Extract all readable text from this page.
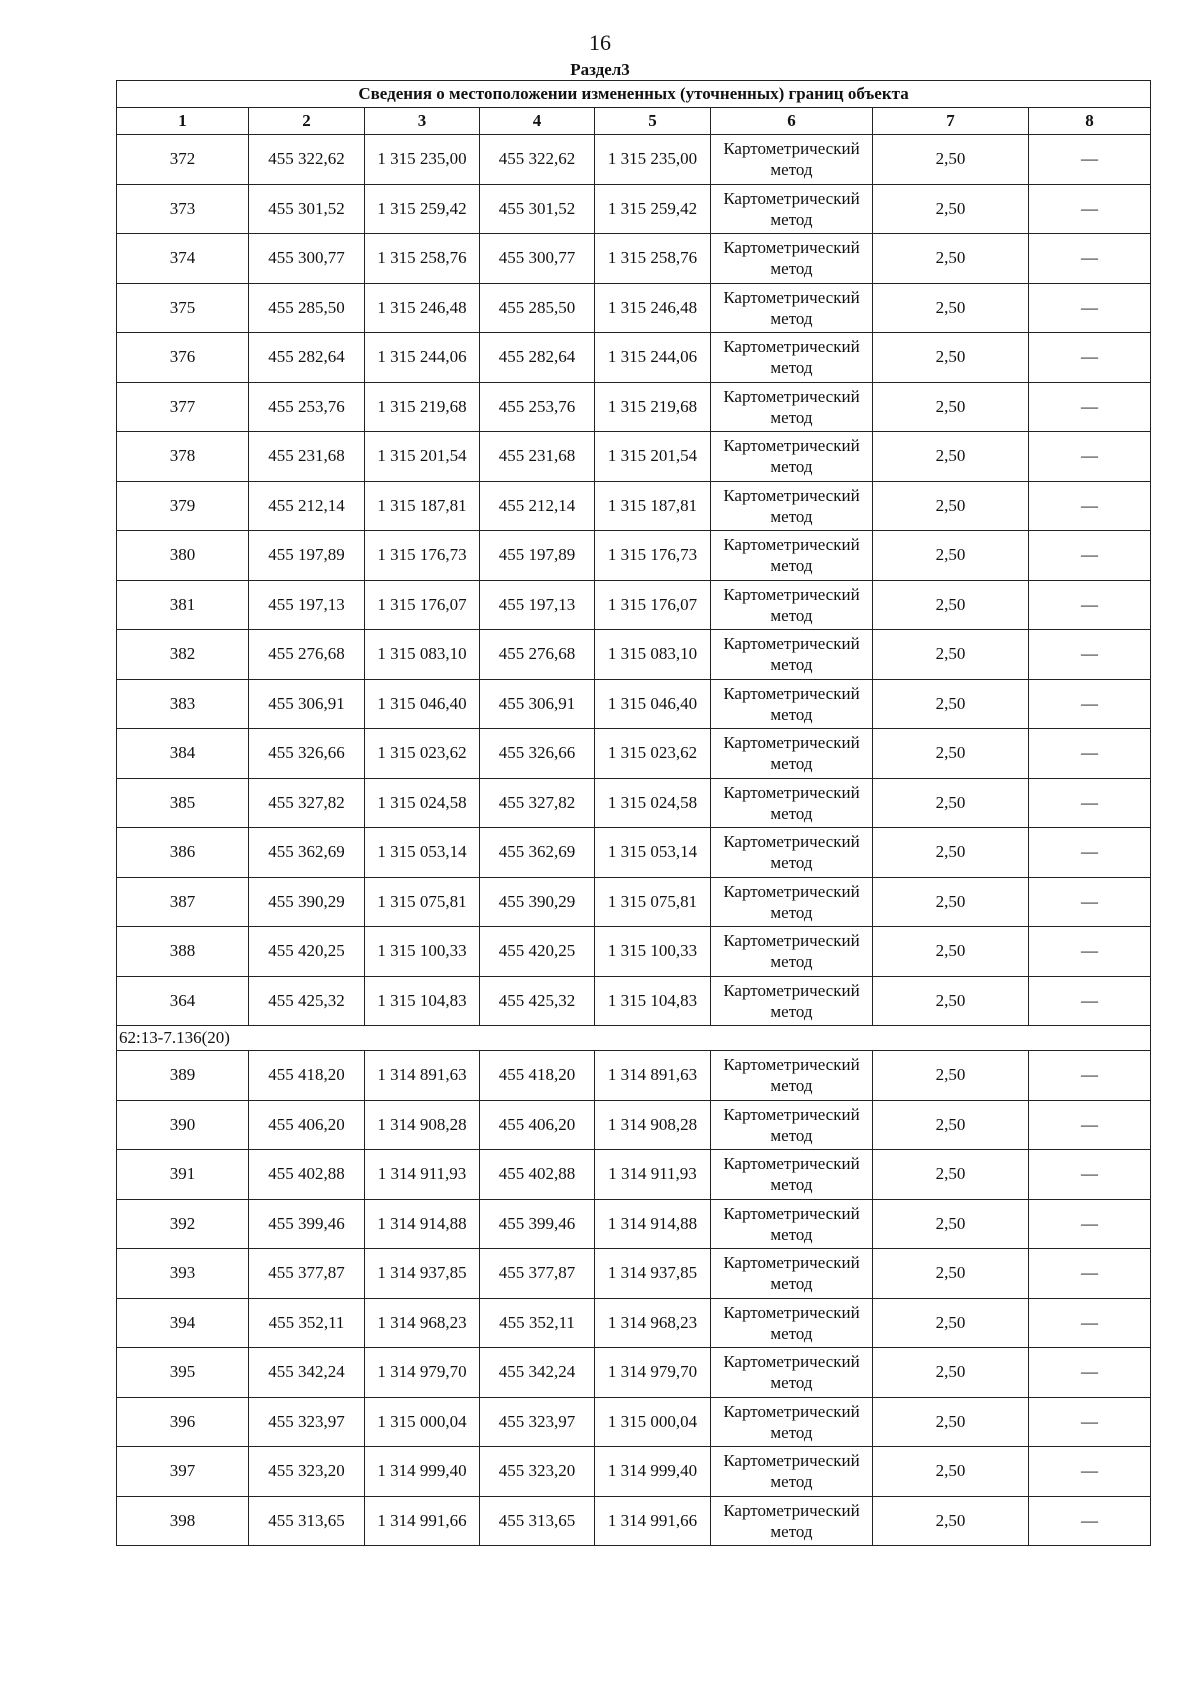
16
Раздел3
Сведения о местоположении измененных (уточненных) границ объекта							
1	2	3	4	5	6	7	8
372	455 322,62	1 315 235,00	455 322,62	1 315 235,00	Картометрический метод	2,50	—
373	455 301,52	1 315 259,42	455 301,52	1 315 259,42	Картометрический метод	2,50	—
374	455 300,77	1 315 258,76	455 300,77	1 315 258,76	Картометрический метод	2,50	—
375	455 285,50	1 315 246,48	455 285,50	1 315 246,48	Картометрический метод	2,50	—
376	455 282,64	1 315 244,06	455 282,64	1 315 244,06	Картометрический метод	2,50	—
377	455 253,76	1 315 219,68	455 253,76	1 315 219,68	Картометрический метод	2,50	—
378	455 231,68	1 315 201,54	455 231,68	1 315 201,54	Картометрический метод	2,50	—
379	455 212,14	1 315 187,81	455 212,14	1 315 187,81	Картометрический метод	2,50	—
380	455 197,89	1 315 176,73	455 197,89	1 315 176,73	Картометрический метод	2,50	—
381	455 197,13	1 315 176,07	455 197,13	1 315 176,07	Картометрический метод	2,50	—
382	455 276,68	1 315 083,10	455 276,68	1 315 083,10	Картометрический метод	2,50	—
383	455 306,91	1 315 046,40	455 306,91	1 315 046,40	Картометрический метод	2,50	—
384	455 326,66	1 315 023,62	455 326,66	1 315 023,62	Картометрический метод	2,50	—
385	455 327,82	1 315 024,58	455 327,82	1 315 024,58	Картометрический метод	2,50	—
386	455 362,69	1 315 053,14	455 362,69	1 315 053,14	Картометрический метод	2,50	—
387	455 390,29	1 315 075,81	455 390,29	1 315 075,81	Картометрический метод	2,50	—
388	455 420,25	1 315 100,33	455 420,25	1 315 100,33	Картометрический метод	2,50	—
364	455 425,32	1 315 104,83	455 425,32	1 315 104,83	Картометрический метод	2,50	—
62:13-7.136(20)							
389	455 418,20	1 314 891,63	455 418,20	1 314 891,63	Картометрический метод	2,50	—
390	455 406,20	1 314 908,28	455 406,20	1 314 908,28	Картометрический метод	2,50	—
391	455 402,88	1 314 911,93	455 402,88	1 314 911,93	Картометрический метод	2,50	—
392	455 399,46	1 314 914,88	455 399,46	1 314 914,88	Картометрический метод	2,50	—
393	455 377,87	1 314 937,85	455 377,87	1 314 937,85	Картометрический метод	2,50	—
394	455 352,11	1 314 968,23	455 352,11	1 314 968,23	Картометрический метод	2,50	—
395	455 342,24	1 314 979,70	455 342,24	1 314 979,70	Картометрический метод	2,50	—
396	455 323,97	1 315 000,04	455 323,97	1 315 000,04	Картометрический метод	2,50	—
397	455 323,20	1 314 999,40	455 323,20	1 314 999,40	Картометрический метод	2,50	—
398	455 313,65	1 314 991,66	455 313,65	1 314 991,66	Картометрический метод	2,50	—
